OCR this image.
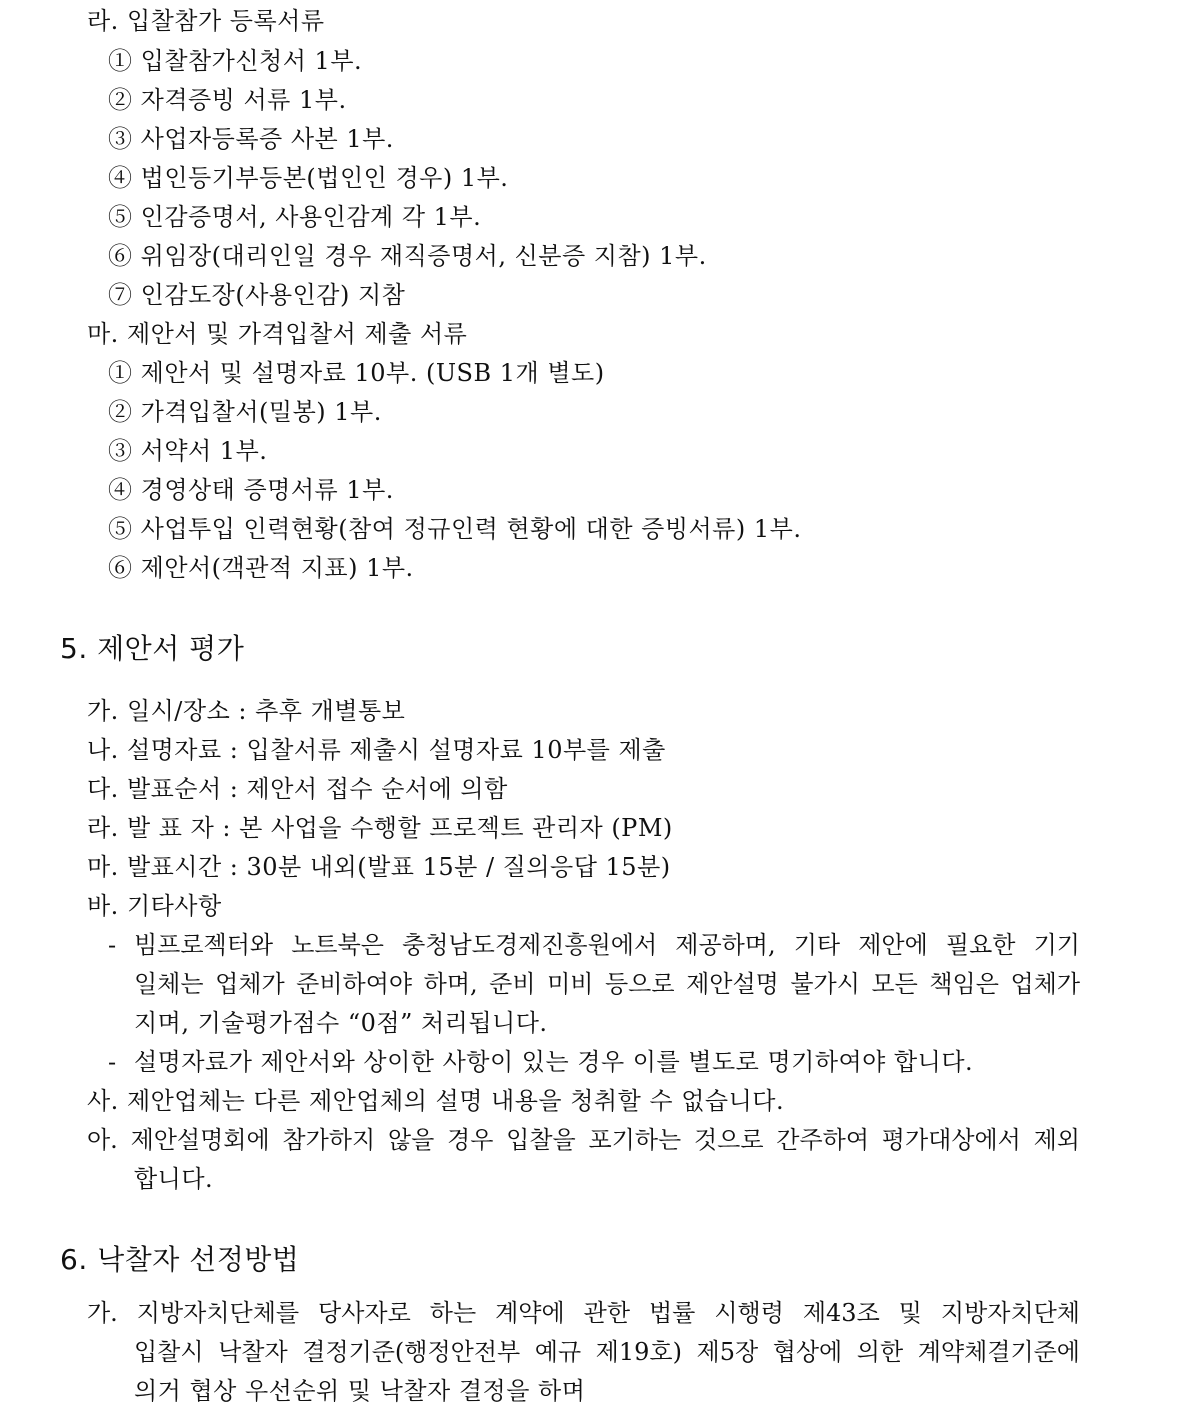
라. 입찰참가 등록서류
① 입찰참가신청서 1부.
② 자격증빙 서류 1부.
③ 사업자등록증 사본 1부.
④ 법인등기부등본(법인인 경우) 1부.
⑤ 인감증명서, 사용인감계 각 1부.
⑥ 위임장(대리인일 경우 재직증명서, 신분증 지참) 1부.
⑦ 인감도장(사용인감) 지참
마. 제안서 및 가격입찰서 제출 서류
① 제안서 및 설명자료 10부. (USB 1개 별도)
② 가격입찰서(밀봉) 1부.
③ 서약서 1부.
④ 경영상태 증명서류 1부.
⑤ 사업투입 인력현황(참여 정규인력 현황에 대한 증빙서류) 1부.
⑥ 제안서(객관적 지표) 1부.
5. 제안서 평가
가. 일시/장소 : 추후 개별통보
나. 설명자료 : 입찰서류 제출시 설명자료 10부를 제출
다. 발표순서 : 제안서 접수 순서에 의함
라. 발 표 자 : 본 사업을 수행할 프로젝트 관리자 (PM)
마. 발표시간 : 30분 내외(발표 15분 / 질의응답 15분)
바. 기타사항
- 빔프로젝터와 노트북은 충청남도경제진흥원에서 제공하며, 기타 제안에 필요한 기기
일체는 업체가 준비하여야 하며, 준비 미비 등으로 제안설명 불가시 모든 책임은 업체가
지며, 기술평가점수 “0점” 처리됩니다.
- 설명자료가 제안서와 상이한 사항이 있는 경우 이를 별도로 명기하여야 합니다.
사. 제안업체는 다른 제안업체의 설명 내용을 청취할 수 없습니다.
아. 제안설명회에 참가하지 않을 경우 입찰을 포기하는 것으로 간주하여 평가대상에서 제외
합니다.
6. 낙찰자 선정방법
가. 지방자치단체를 당사자로 하는 계약에 관한 법률 시행령 제43조 및 지방자치단체
입찰시 낙찰자 결정기준(행정안전부 예규 제19호) 제5장 협상에 의한 계약체결기준에
의거 협상 우선순위 및 낙찰자 결정을 하며
